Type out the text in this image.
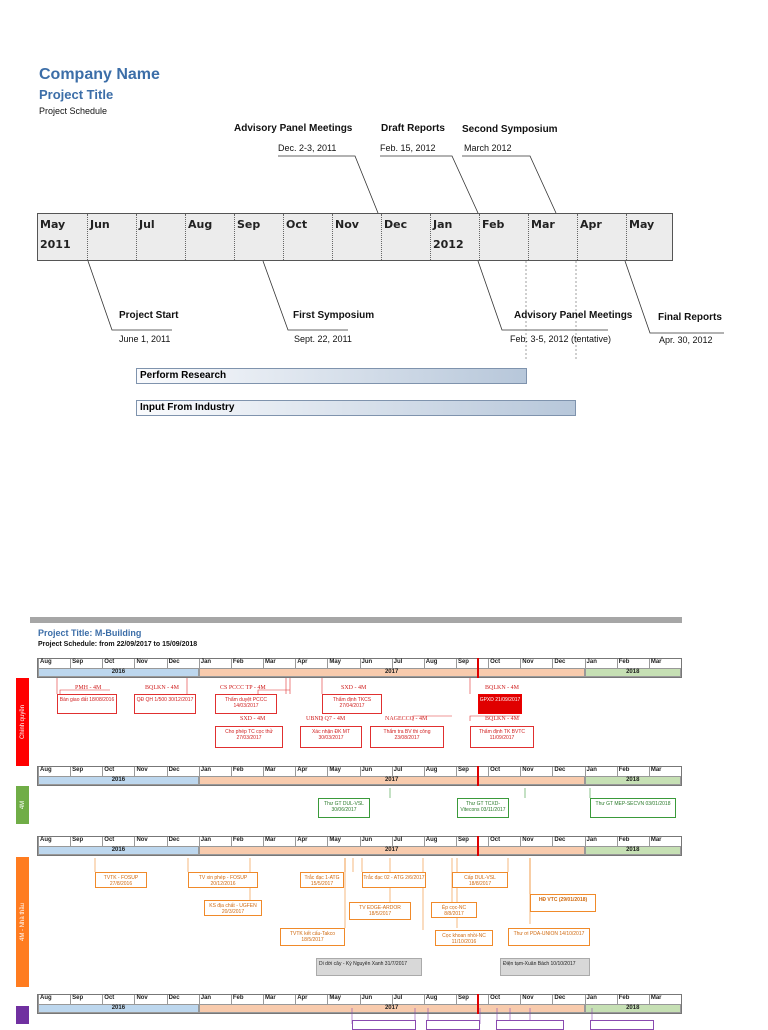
Company Name
Project Title
Project Schedule
Advisory Panel Meetings
Dec. 2-3, 2011
Draft Reports
Feb. 15, 2012
Second Symposium
March 2012
May
2011
Jun	Jul	Aug	Sep	Oct	Nov	Dec	Jan
2012
Feb	Mar	Apr	May
Project Start
June 1, 2011
First Symposium
Sept. 22, 2011
Advisory Panel Meetings
Feb. 3-5, 2012 (tentative)
Final Reports
Apr. 30, 2012
Perform Research
Input From Industry
Project Title: M-Building
Project Schedule: from 22/09/2017 to 15/09/2018
Chính quyền
4M
4M - Nhà thầu
Aug	Sep	Oct	Nov	Dec	Jan	Feb	Mar	Apr	May	Jun	Jul	Aug	Sep	Oct	Nov	Dec	Jan	Feb	Mar
2016	2017	2018
Aug	Sep	Oct	Nov	Dec	Jan	Feb	Mar	Apr	May	Jun	Jul	Aug	Sep	Oct	Nov	Dec	Jan	Feb	Mar
2016	2017	2018
Aug	Sep	Oct	Nov	Dec	Jan	Feb	Mar	Apr	May	Jun	Jul	Aug	Sep	Oct	Nov	Dec	Jan	Feb	Mar
2016	2017	2018
Aug	Sep	Oct	Nov	Dec	Jan	Feb	Mar	Apr	May	Jun	Jul	Aug	Sep	Oct	Nov	Dec	Jan	Feb	Mar
2016	2017	2018
PMH - 4M
Bàn giao đất 18/08/2016
BQLKN - 4M
QĐ QH 1/500 30/12/2017
CS PCCC TP - 4M
Thẩm duyệt PCCC 14/03/2017
SXD - 4M
Thẩm định TKCS 27/04/2017
BQLKN - 4M
GPXD 21/09/2017
SXD - 4M
Cho phép TC cọc thử 27/03/2017
UBND Q7 - 4M
Xác nhận ĐK MT 30/03/2017
NAGECCO - 4M
Thẩm tra BV thi công 23/08/2017
BQLKN - 4M
Thẩm định TK BVTC 11/09/2017
Thư GT DUL-VSL 30/06/2017
Thư GT TCXD-Vitecons 03/11/2017
Thư GT MEP-SECVN 03/01/2018
TVTK - FOSUP 27/8/2016
TV xin phép - FOSUP 20/12/2016
KS địa chất - UGFEN 20/3/2017
Trắc đạc 1-ATG 15/5/2017
Trắc đạc 02 - ATG 2/6/2017	Cấp DUL-VSL 18/8/2017
TV EDGE-ARDOR 18/5/2017
Ép cọc-NC 8/8/2017
HĐ VTC (29/01/2018)
TVTK kết cấu-Takco 18/5/2017
Cọc khoan nhồi-NC 11/10/2016
Thư ơi PDA-UNION 14/10/2017
Di dời cây - Kỳ Nguyên Xanh 31/7/2017	Điện tạm-Xuân Bách 10/10/2017
